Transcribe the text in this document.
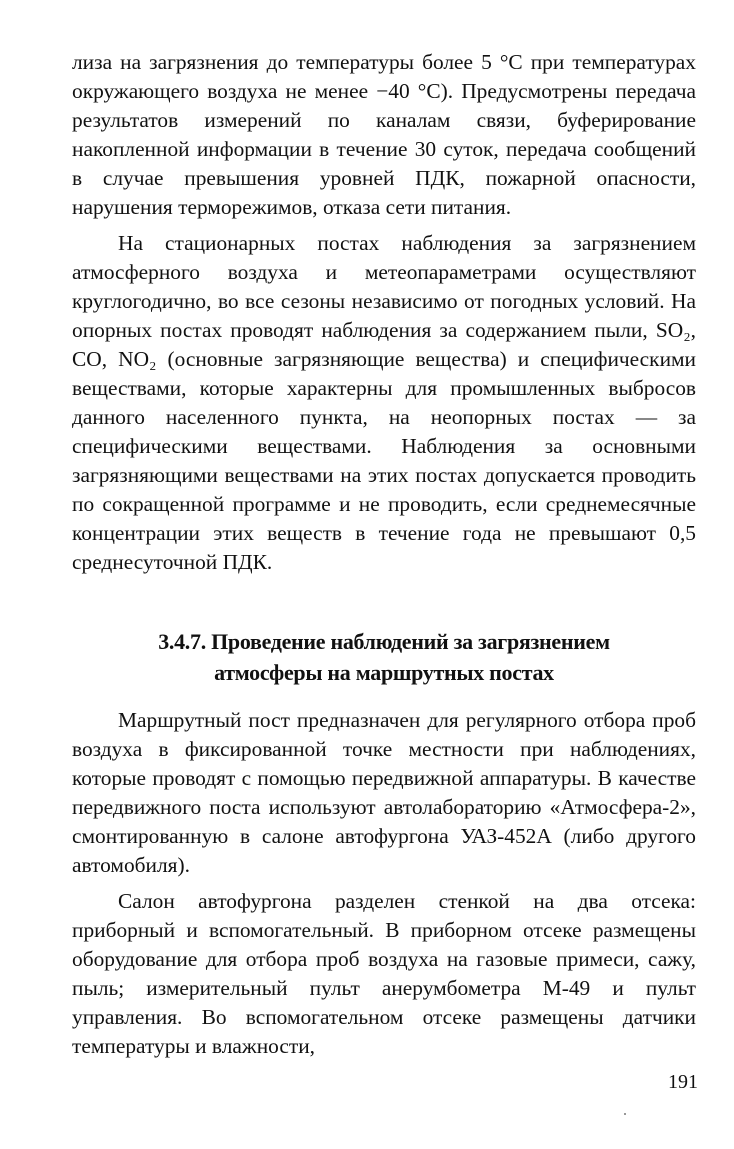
лиза на загрязнения до температуры более 5 °С при температурах окружающего воздуха не менее −40 °С). Предусмотрены передача результатов измерений по каналам связи, буферирование накопленной информации в течение 30 суток, передача сообщений в случае превышения уровней ПДК, пожарной опасности, нарушения терморежимов, отказа сети питания.

На стационарных постах наблюдения за загрязнением атмосферного воздуха и метеопараметрами осуществляют круглогодично, во все сезоны независимо от погодных условий. На опорных постах проводят наблюдения за содержанием пыли, SO₂, CO, NO₂ (основные загрязняющие вещества) и специфическими веществами, которые характерны для промышленных выбросов данного населенного пункта, на неопорных постах — за специфическими веществами. Наблюдения за основными загрязняющими веществами на этих постах допускается проводить по сокращенной программе и не проводить, если среднемесячные концентрации этих веществ в течение года не превышают 0,5 среднесуточной ПДК.

3.4.7. Проведение наблюдений за загрязнением
атмосферы на маршрутных постах

Маршрутный пост предназначен для регулярного отбора проб воздуха в фиксированной точке местности при наблюдениях, которые проводят с помощью передвижной аппаратуры. В качестве передвижного поста используют автолабораторию «Атмосфера-2», смонтированную в салоне автофургона УАЗ-452А (либо другого автомобиля).

Салон автофургона разделен стенкой на два отсека: приборный и вспомогательный. В приборном отсеке размещены оборудование для отбора проб воздуха на газовые примеси, сажу, пыль; измерительный пульт анерумбометра М-49 и пульт управления. Во вспомогательном отсеке размещены датчики температуры и влажности,

191
